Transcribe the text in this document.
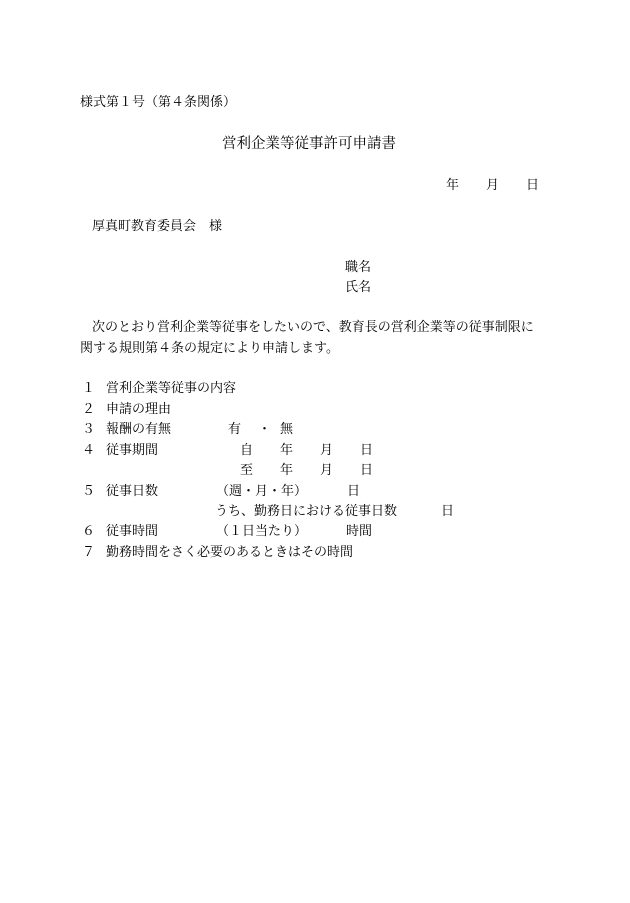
様式第１号（第４条関係）
営利企業等従事許可申請書
年 月 日
厚真町教育委員会　様
職名
氏名
次のとおり営利企業等従事をしたいので、教育長の営利企業等の従事制限に
関する規則第４条の規定により申請します。
１ 営利企業等従事の内容
２ 申請の理由
３ 報酬の有無	有 ・ 無
４ 従事期間	自 年 月 日
至 年 月 日
５ 従事日数	（週・月・年）	日
うち、勤務日における従事日数	日
６ 従事時間	（１日当たり）	時間
７ 勤務時間をさく必要のあるときはその時間
